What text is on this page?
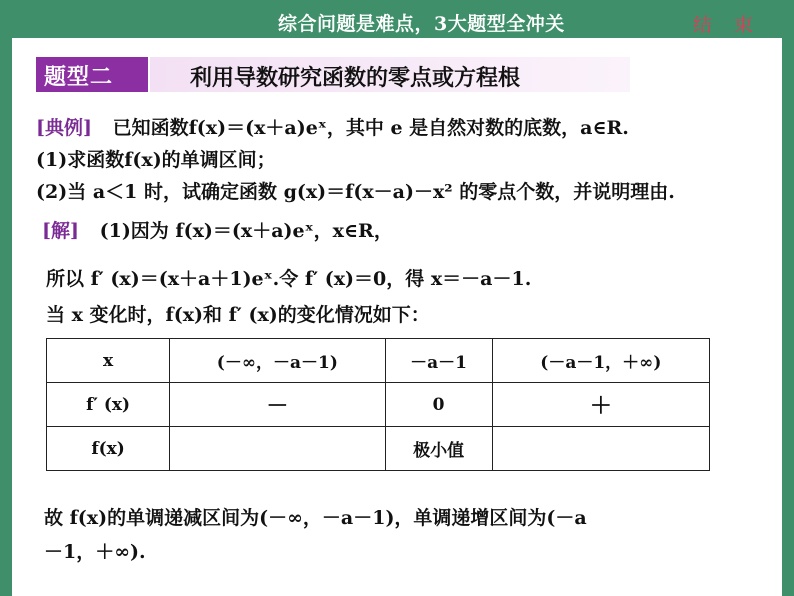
综合问题是难点，3大题型全冲关	结 束
题型二	利用导数研究函数的零点或方程根
[典例] 已知函数f(x)＝(x＋a)eˣ，其中 e 是自然对数的底数，a∈R.
(1)求函数f(x)的单调区间；
(2)当 a＜1 时，试确定函数 g(x)＝f(x－a)－x² 的零点个数，并说明理由.
[解] (1)因为 f(x)＝(x＋a)eˣ，x∈R，
所以 f′ (x)＝(x＋a＋1)eˣ.令 f′ (x)＝0，得 x＝－a－1.
当 x 变化时，f(x)和 f′ (x)的变化情况如下：
x	(－∞，－a－1)	－a－1	(－a－1，＋∞)
f′ (x)	－	0	＋
f(x)		极小值	
故 f(x)的单调递减区间为(－∞，－a－1)，单调递增区间为(－a
－1，＋∞).
